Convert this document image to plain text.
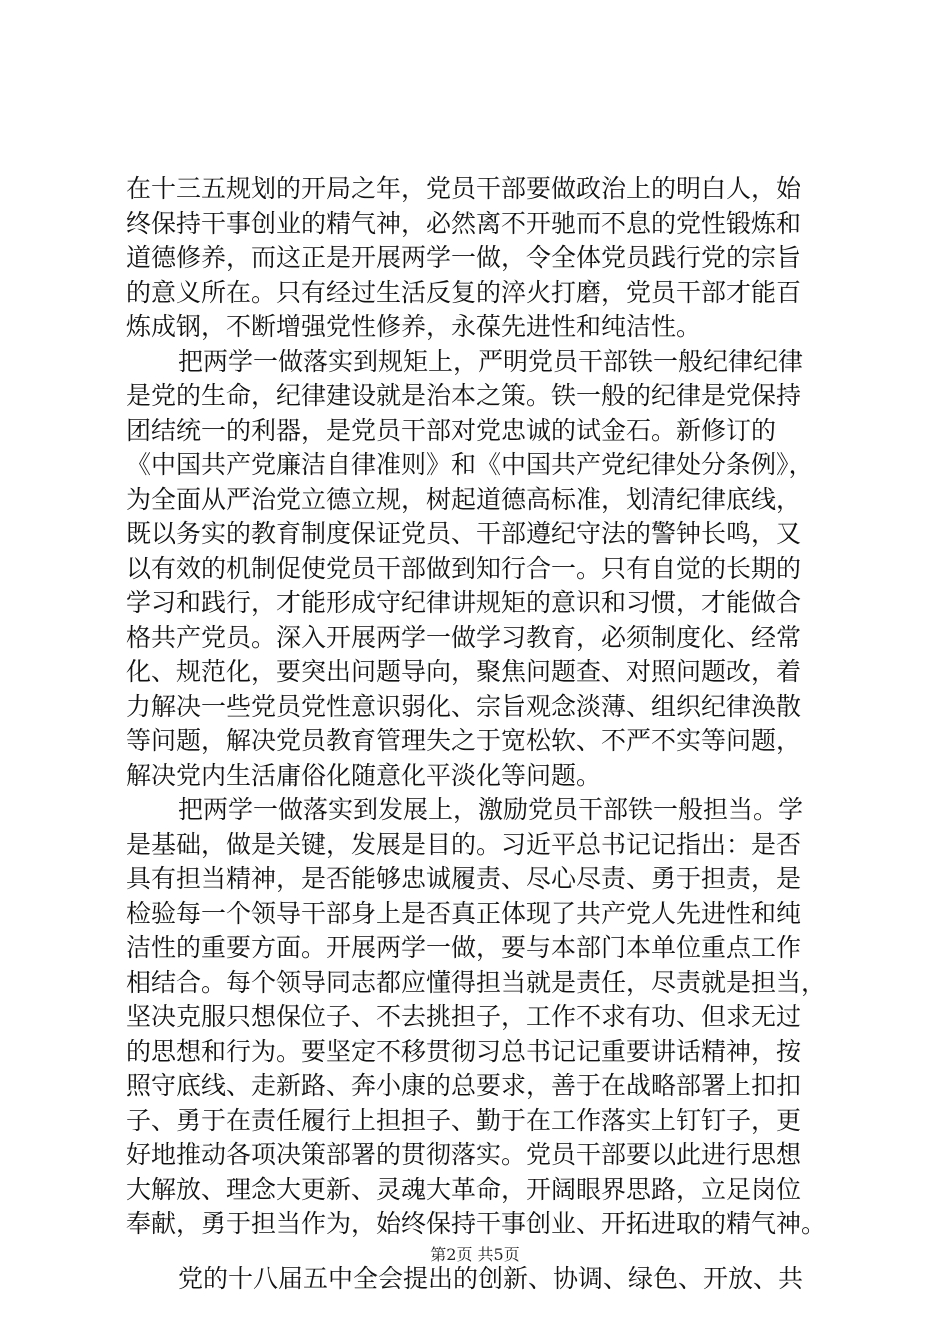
在十三五规划的开局之年，党员干部要做政治上的明白人，始
终保持干事创业的精气神，必然离不开驰而不息的党性锻炼和
道德修养，而这正是开展两学一做，令全体党员践行党的宗旨
的意义所在。只有经过生活反复的淬火打磨，党员干部才能百
炼成钢，不断增强党性修养，永葆先进性和纯洁性。
把两学一做落实到规矩上，严明党员干部铁一般纪律纪律
是党的生命，纪律建设就是治本之策。铁一般的纪律是党保持
团结统一的利器，是党员干部对党忠诚的试金石。新修订的
《中国共产党廉洁自律准则》和《中国共产党纪律处分条例》，
为全面从严治党立德立规，树起道德高标准，划清纪律底线，
既以务实的教育制度保证党员、干部遵纪守法的警钟长鸣，又
以有效的机制促使党员干部做到知行合一。只有自觉的长期的
学习和践行，才能形成守纪律讲规矩的意识和习惯，才能做合
格共产党员。深入开展两学一做学习教育，必须制度化、经常
化、规范化，要突出问题导向，聚焦问题查、对照问题改，着
力解决一些党员党性意识弱化、宗旨观念淡薄、组织纪律涣散
等问题，解决党员教育管理失之于宽松软、不严不实等问题，
解决党内生活庸俗化随意化平淡化等问题。
把两学一做落实到发展上，激励党员干部铁一般担当。学
是基础，做是关键，发展是目的。习近平总书记记指出：是否
具有担当精神，是否能够忠诚履责、尽心尽责、勇于担责，是
检验每一个领导干部身上是否真正体现了共产党人先进性和纯
洁性的重要方面。开展两学一做，要与本部门本单位重点工作
相结合。每个领导同志都应懂得担当就是责任，尽责就是担当，
坚决克服只想保位子、不去挑担子，工作不求有功、但求无过
的思想和行为。要坚定不移贯彻习总书记记重要讲话精神，按
照守底线、走新路、奔小康的总要求，善于在战略部署上扣扣
子、勇于在责任履行上担担子、勤于在工作落实上钉钉子，更
好地推动各项决策部署的贯彻落实。党员干部要以此进行思想
大解放、理念大更新、灵魂大革命，开阔眼界思路，立足岗位
奉献，勇于担当作为，始终保持干事创业、开拓进取的精气神。
党的十八届五中全会提出的创新、协调、绿色、开放、共
第2页 共5页
